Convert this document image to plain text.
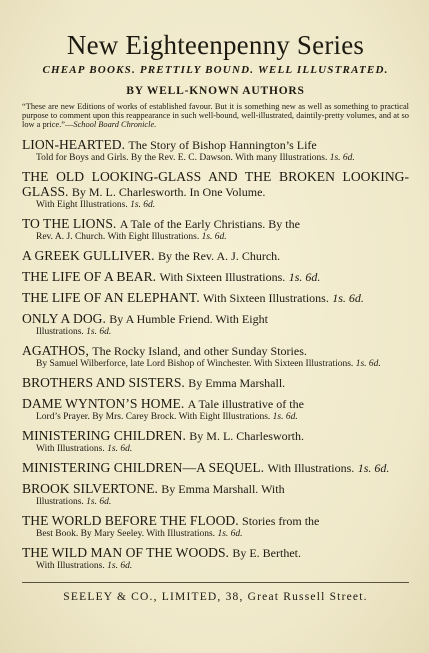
New Eighteenpenny Series
CHEAP BOOKS. PRETTILY BOUND. WELL ILLUSTRATED.
BY WELL-KNOWN AUTHORS
“These are new Editions of works of established favour. But it is something new as well as something to practical purpose to comment upon this reappearance in such well-bound, well-illustrated, daintily-pretty volumes, and at so low a price.”—School Board Chronicle.
LION-HEARTED. The Story of Bishop Hannington’s Life
Told for Boys and Girls. By the Rev. E. C. Dawson. With many Illustrations. 1s. 6d.
THE OLD LOOKING-GLASS AND THE BROKEN LOOKING-GLASS. By M. L. Charlesworth. In One Volume.
With Eight Illustrations. 1s. 6d.
TO THE LIONS. A Tale of the Early Christians. By the
Rev. A. J. Church. With Eight Illustrations. 1s. 6d.
A GREEK GULLIVER. By the Rev. A. J. Church.
THE LIFE OF A BEAR. With Sixteen Illustrations. 1s. 6d.
THE LIFE OF AN ELEPHANT. With Sixteen Illustrations. 1s. 6d.
ONLY A DOG. By A Humble Friend. With Eight
Illustrations. 1s. 6d.
AGATHOS, The Rocky Island, and other Sunday Stories.
By Samuel Wilberforce, late Lord Bishop of Winchester. With Sixteen Illustrations. 1s. 6d.
BROTHERS AND SISTERS. By Emma Marshall.
DAME WYNTON’S HOME. A Tale illustrative of the
Lord’s Prayer. By Mrs. Carey Brock. With Eight Illustrations. 1s. 6d.
MINISTERING CHILDREN. By M. L. Charlesworth.
With Illustrations. 1s. 6d.
MINISTERING CHILDREN—A SEQUEL. With Illustrations. 1s. 6d.
BROOK SILVERTONE. By Emma Marshall. With
Illustrations. 1s. 6d.
THE WORLD BEFORE THE FLOOD. Stories from the
Best Book. By Mary Seeley. With Illustrations. 1s. 6d.
THE WILD MAN OF THE WOODS. By E. Berthet.
With Illustrations. 1s. 6d.
SEELEY & CO., LIMITED, 38, Great Russell Street.
